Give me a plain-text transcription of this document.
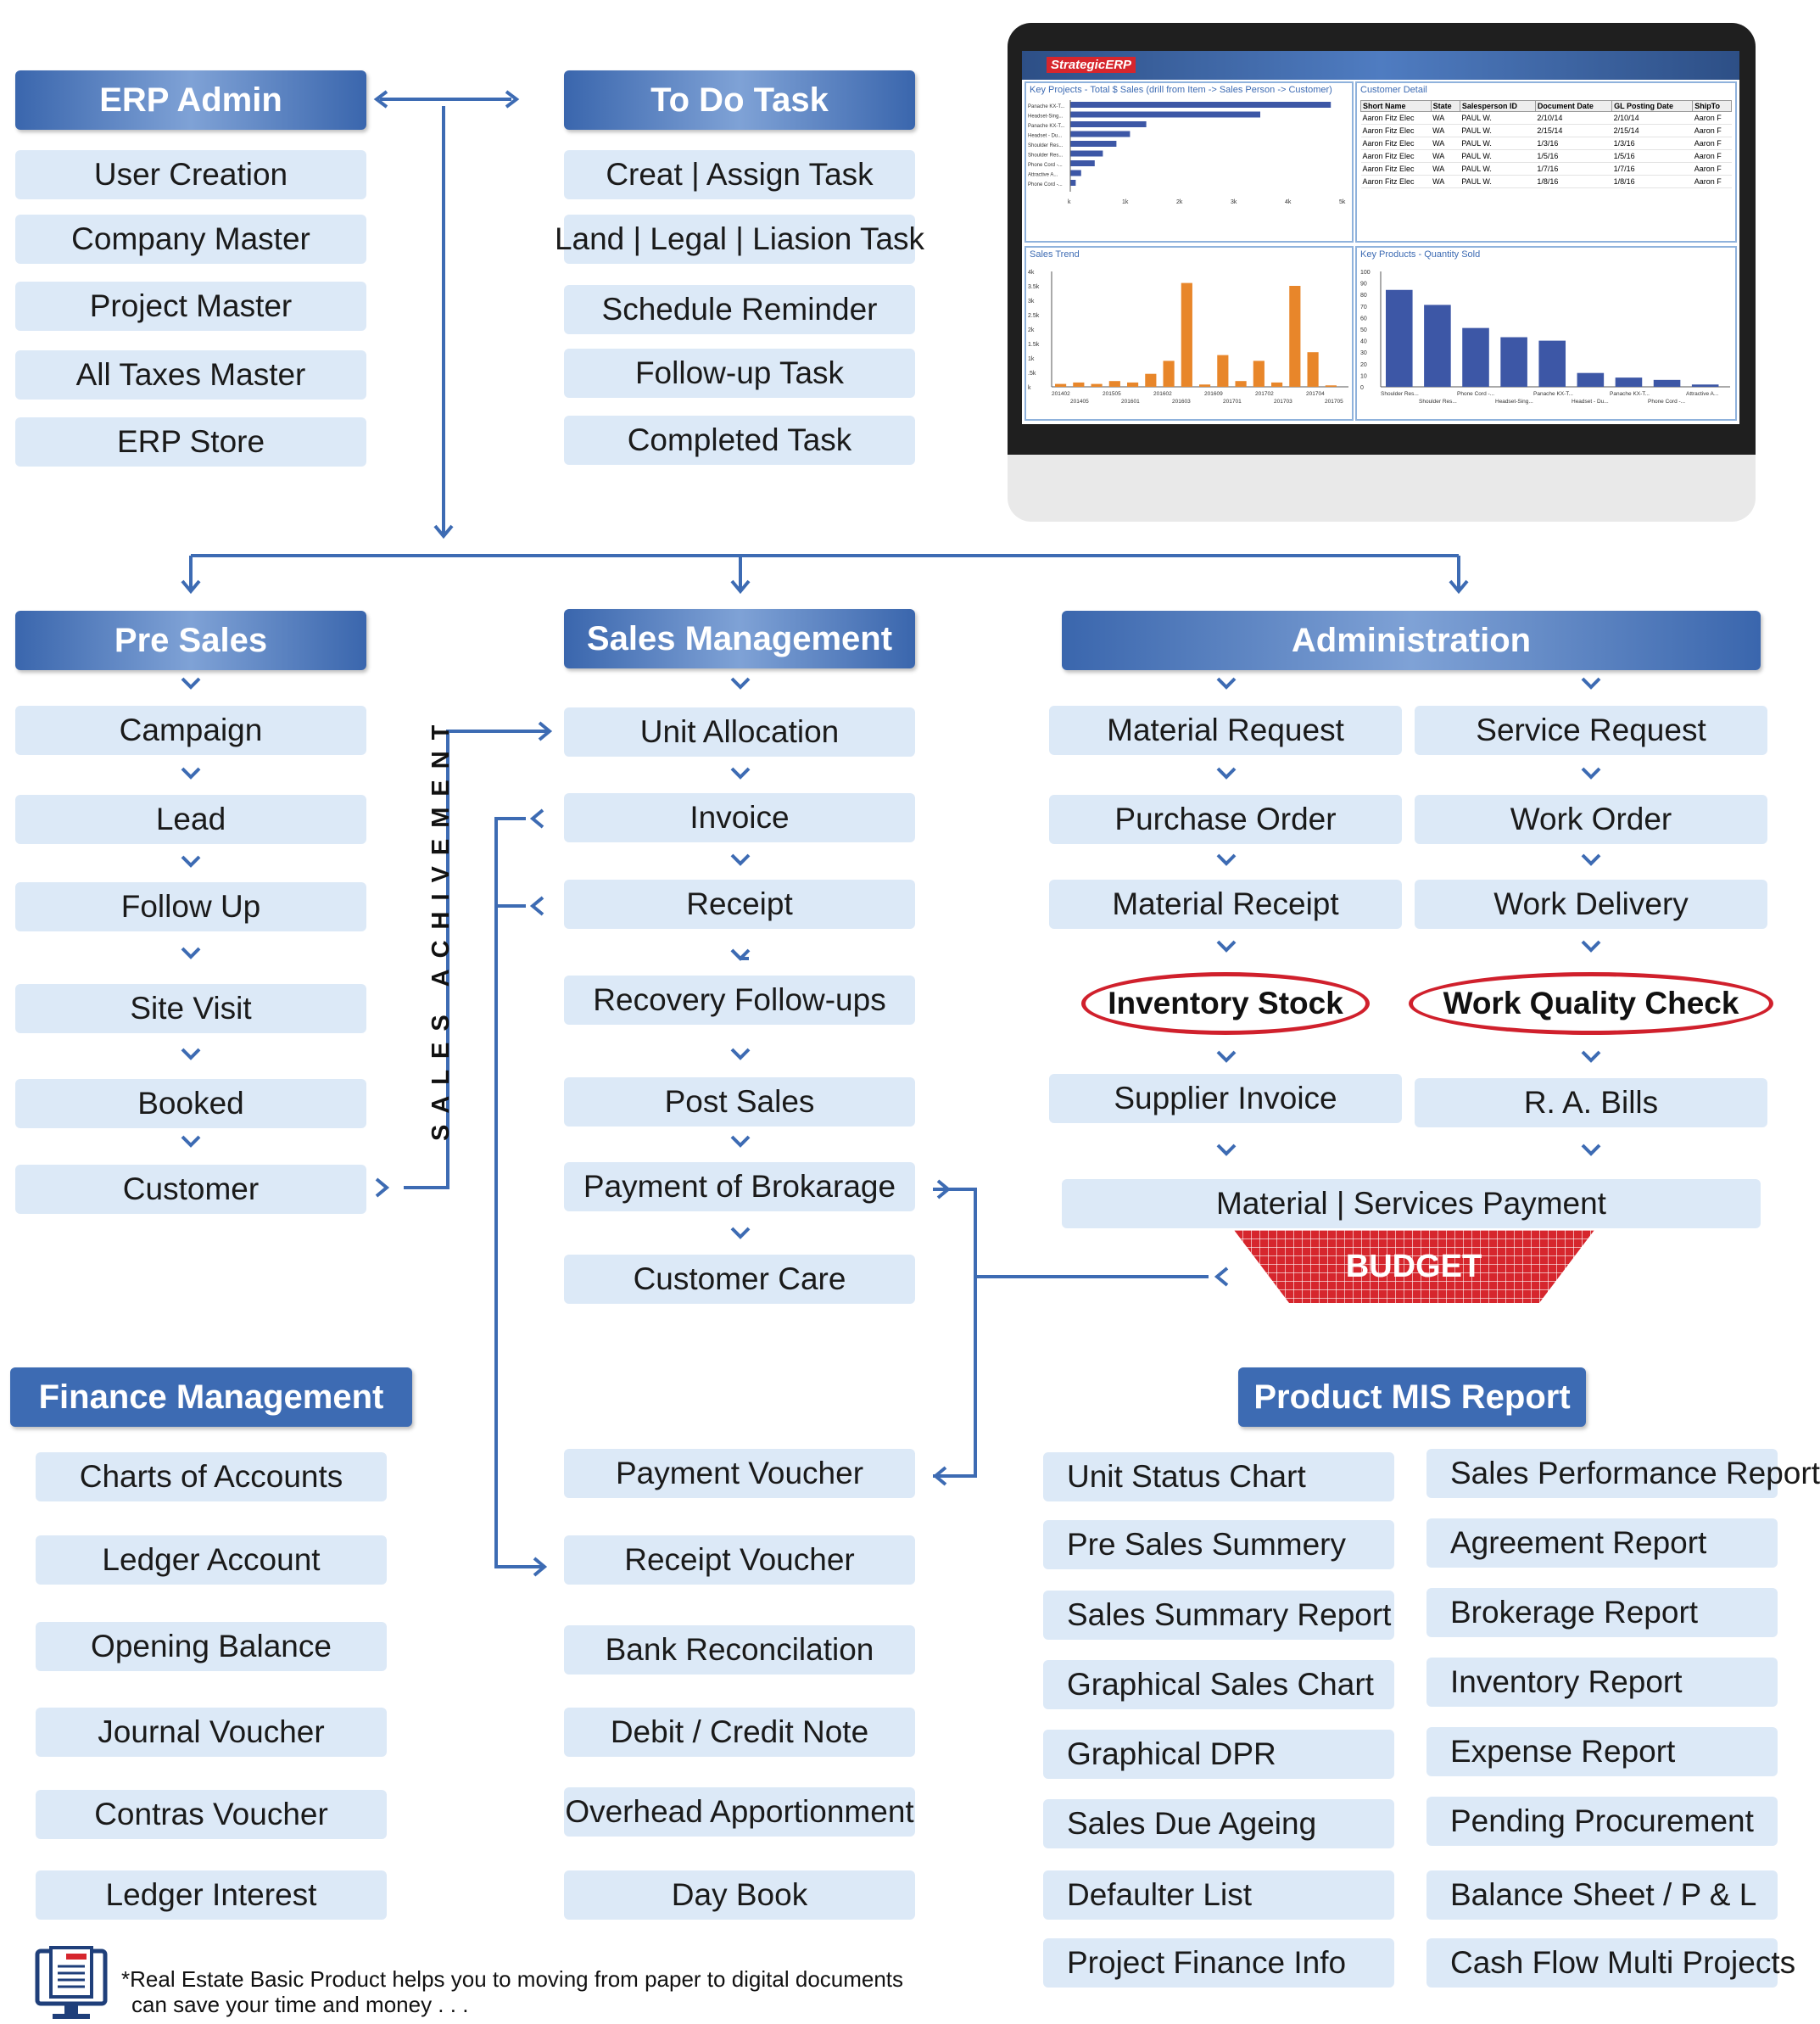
ERP Admin
User Creation
Company Master
Project Master
All Taxes Master
ERP Store
To Do Task
Creat | Assign Task
Land | Legal | Liasion Task
Schedule Reminder
Follow-up Task
Completed Task
StrategicERP
Key Projects - Total $ Sales (drill from Item -> Sales Person -> Customer)
Panache KX-T...
Headset-Sing...
Panache KX-T...
Headset - Du...
Shoulder Res...
Shoulder Res...
Phone Cord -...
Attractive A...
Phone Cord -...
k	1k	2k	3k	4k	5k
Customer Detail
Short Name	State	Salesperson ID	Document Date	GL Posting Date	ShipTo
Aaron Fitz Elec	WA	PAUL W.	2/10/14	2/10/14	Aaron F
Aaron Fitz Elec	WA	PAUL W.	2/15/14	2/15/14	Aaron F
Aaron Fitz Elec	WA	PAUL W.	1/3/16	1/3/16	Aaron F
Aaron Fitz Elec	WA	PAUL W.	1/5/16	1/5/16	Aaron F
Aaron Fitz Elec	WA	PAUL W.	1/7/16	1/7/16	Aaron F
Aaron Fitz Elec	WA	PAUL W.	1/8/16	1/8/16	Aaron F
Sales Trend
4k
3.5k
3k
2.5k
2k
1.5k
1k
.5k
k
201402	201505	201602	201609	201702	201704
201405	201601	201603	201701	201703	201705
Key Products - Quantity Sold
100
90
80
70
60
50
40
30
20
10
0
Shoulder Res...	Phone Cord -...	Panache KX-T...	Panache KX-T...	Attractive A...
Shoulder Res...	Headset-Sing...	Headset - Du...	Phone Cord -...
Pre Sales
Campaign
Lead
Follow Up
Site Visit
Booked
Customer
SALES ACHIVEMENT
Sales Management
Unit Allocation
Invoice
Receipt
Recovery Follow-ups
Post Sales
Payment of Brokarage
Customer Care
Administration
Material Request
Purchase Order
Material Receipt
Inventory Stock
Supplier Invoice
Service Request
Work Order
Work Delivery
Work Quality Check
R. A. Bills
Material | Services Payment
BUDGET
Finance Management
Charts of Accounts
Ledger Account
Opening Balance
Journal Voucher
Contras Voucher
Ledger Interest
Payment Voucher
Receipt Voucher
Bank Reconcilation
Debit / Credit Note
Overhead Apportionment
Day Book
Product MIS Report
Unit Status Chart
Pre Sales Summery
Sales Summary Report
Graphical Sales Chart
Graphical DPR
Sales Due Ageing
Defaulter List
Project Finance Info
Sales Performance Report
Agreement Report
Brokerage Report
Inventory Report
Expense Report
Pending Procurement
Balance Sheet / P & L
Cash Flow Multi Projects
*Real Estate Basic Product helps you to moving from paper to digital documents
can save your time and money . . .
